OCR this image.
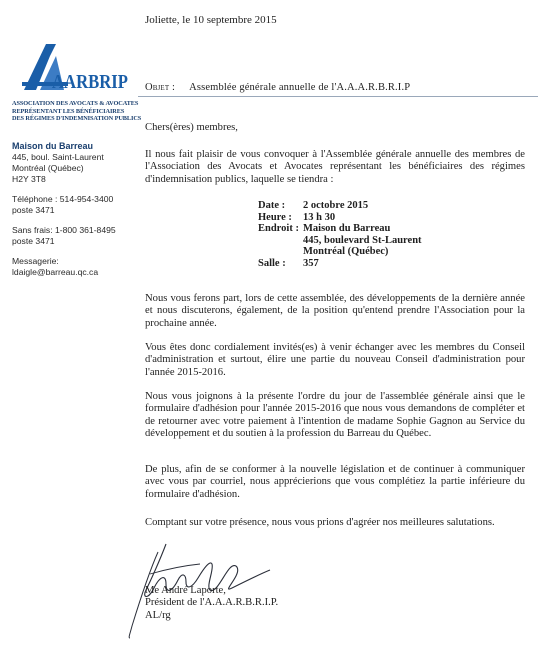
Joliette, le 10 septembre 2015
AARBRIP
ASSOCIATION DES AVOCATS & AVOCATES
REPRÉSENTANT LES BÉNÉFICIAIRES
DES RÉGIMES D'INDEMNISATION PUBLICS
Maison du Barreau
445, boul. Saint-Laurent
Montréal (Québec)
H2Y 3T8
Téléphone : 514-954-3400
poste 3471
Sans frais: 1-800 361-8495
poste 3471
Messagerie:
ldaigle@barreau.qc.ca
Objet : Assemblée générale annuelle de l'A.A.A.R.B.R.I.P
Chers(ères) membres,

Il nous fait plaisir de vous convoquer à l'Assemblée générale annuelle des membres de l'Association des Avocats et Avocates représentant les bénéficiaires des régimes d'indemnisation publics, laquelle se tiendra :

Date :	2 octobre 2015
Heure :	13 h 30
Endroit :	Maison du Barreau
	445, boulevard St-Laurent
	Montréal (Québec)
Salle :	357

Nous vous ferons part, lors de cette assemblée, des développements de la dernière année et nous discuterons, également, de la position qu'entend prendre l'Association pour la prochaine année.

Vous êtes donc cordialement invités(es) à venir échanger avec les membres du Conseil d'administration et surtout, élire une partie du nouveau Conseil d'administration pour l'année 2015-2016.

Nous vous joignons à la présente l'ordre du jour de l'assemblée générale ainsi que le formulaire d'adhésion pour l'année 2015-2016 que nous vous demandons de compléter et de retourner avec votre paiement à l'intention de madame Sophie Gagnon au Service du développement et du soutien à la profession du Barreau du Québec.

De plus, afin de se conformer à la nouvelle législation et de continuer à communiquer avec vous par courriel, nous apprécierions que vous complétiez la partie inférieure du formulaire d'adhésion.

Comptant sur votre présence, nous vous prions d'agréer nos meilleures salutations.

Me André Laporte,
Président de l'A.A.A.R.B.R.I.P.
AL/rg
